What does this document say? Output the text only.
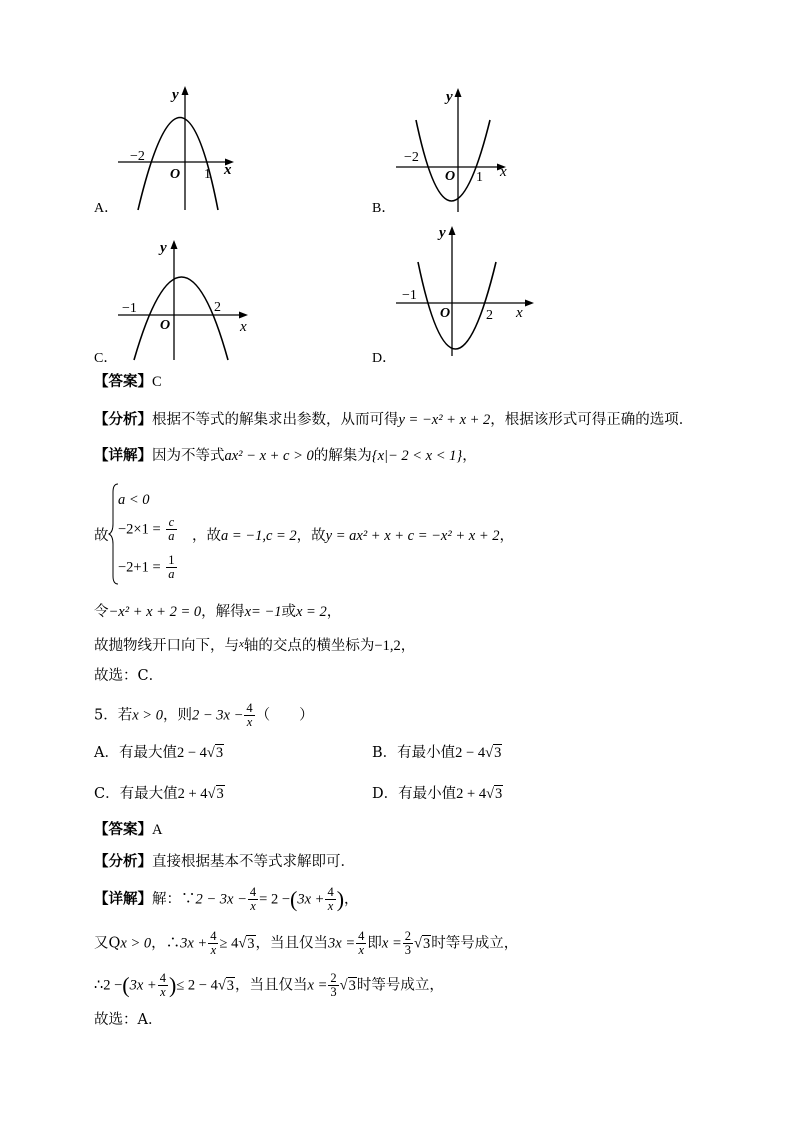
−2
O 1 x
y
A．
−2
O 1 x
y
B．
−1
O
2
x
y
C．
−1
O	2 x
y
D．
【答案】C
【分析】根据不等式的解集求出参数，从而可得y = −x² + x + 2，根据该形式可得正确的选项．
【详解】因为不等式ax² − x + c > 0的解集为{x|− 2 < x < 1}，
故
a < 0
$-2\times 1 = \frac{c}{a}$
$-2+1 = \frac{1}{a}$
，故a = −1,c = 2，故y = ax² + x + c = −x² + x + 2，
令−x² + x + 2 = 0，解得x= −1或x = 2，
故抛物线开口向下，与$^x$轴的交点的横坐标为−1,2，
故选：C．
5．若x > 0，则$2 - 3x - \frac{4}{x}$ （　　）
A．有最大值2 − 4√3	B．有最小值2 − 4√3
C．有最大值2 + 4√3	D．有最小值2 + 4√3
【答案】A
【分析】直接根据基本不等式求解即可．
【详解】解：∵2 − $3x - \frac{4}{x} = 2 -(3x + \frac{4}{x}$ )，
又Qx > 0，∴3x + $\frac{4}{x} \ge 4√3$，当且仅当$3x = \frac{4}{x}$ 即$x = \frac{2}{3} √3$时等号成立，
∴2 $-(3x + \frac{4}{x}$ )≤ 2 − 4√3，当且仅当$x = \frac{2}{3} √3$时等号成立，
故选：A．
